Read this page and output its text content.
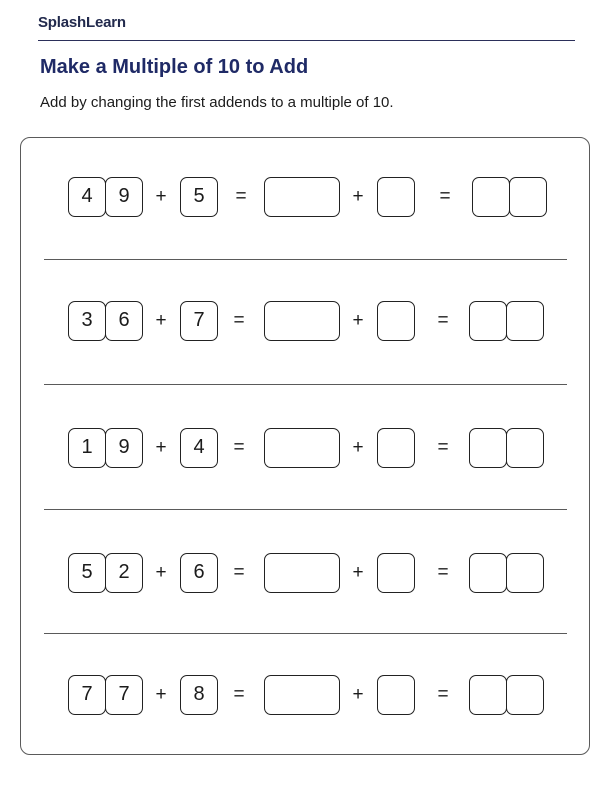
SplashLearn
Make a Multiple of 10 to Add
Add by changing the first addends to a multiple of 10.
4	9	+	5	=	+	=
3	6	+	7	=	+	=
1	9	+	4	=	+	=
5	2	+	6	=	+	=
7	7	+	8	=	+	=
